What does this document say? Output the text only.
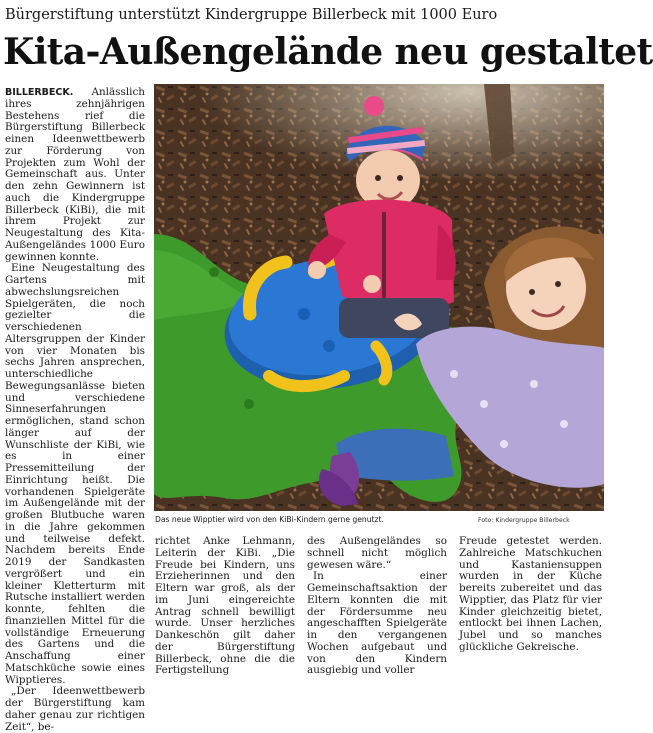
Bürgerstiftung unterstützt Kindergruppe Billerbeck mit 1000 Euro
Kita-Außengelände neu gestaltet

BILLERBECK. Anlässlich ihres zehnjährigen Bestehens rief die Bürgerstiftung Billerbeck einen Ideenwettbewerb zur Förderung von Projekten zum Wohl der Gemeinschaft aus. Unter den zehn Gewinnern ist auch die Kindergruppe Billerbeck (KiBi), die mit ihrem Projekt zur Neugestaltung des Kita-Außengeländes 1000 Euro gewinnen konnte.

Eine Neugestaltung des Gartens mit abwechslungsreichen Spielgeräten, die noch gezielter die verschiedenen Altersgruppen der Kinder von vier Monaten bis sechs Jahren ansprechen, unterschiedliche Bewegungsanlässe bieten und verschiedene Sinneserfahrungen ermöglichen, stand schon länger auf der Wunschliste der KiBi, wie es in einer Pressemitteilung der Einrichtung heißt. Die vorhandenen Spielgeräte im Außengelände mit der großen Blutbuche waren in die Jahre gekommen und teilweise defekt. Nachdem bereits Ende 2019 der Sandkasten vergrößert und ein kleiner Kletterturm mit Rutsche installiert werden konnte, fehlten die finanziellen Mittel für die vollständige Erneuerung des Gartens und die Anschaffung einer Matschküche sowie eines Wipptieres.

„Der Ideenwettbewerb der Bürgerstiftung kam daher genau zur richtigen Zeit“, be-

Das neue Wipptier wird von den KiBi-Kindern gerne genutzt.	Foto: Kindergruppe Billerbeck

richtet Anke Lehmann, Leiterin der KiBi. „Die Freude bei Kindern, uns Erzieherinnen und den Eltern war groß, als der im Juni eingereichte Antrag schnell bewilligt wurde. Unser herzliches Dankeschön gilt daher der Bürgerstiftung Billerbeck, ohne die die Fertigstellung

des Außengeländes so schnell nicht möglich gewesen wäre.“

In einer Gemeinschaftsaktion der Eltern konnten die mit der Fördersumme neu angeschafften Spielgeräte in den vergangenen Wochen aufgebaut und von den Kindern ausgiebig und voller

Freude getestet werden. Zahlreiche Matschkuchen und Kastaniensuppen wurden in der Küche bereits zubereitet und das Wipptier, das Platz für vier Kinder gleichzeitig bietet, entlockt bei ihnen Lachen, Jubel und so manches glückliche Gekreische.
